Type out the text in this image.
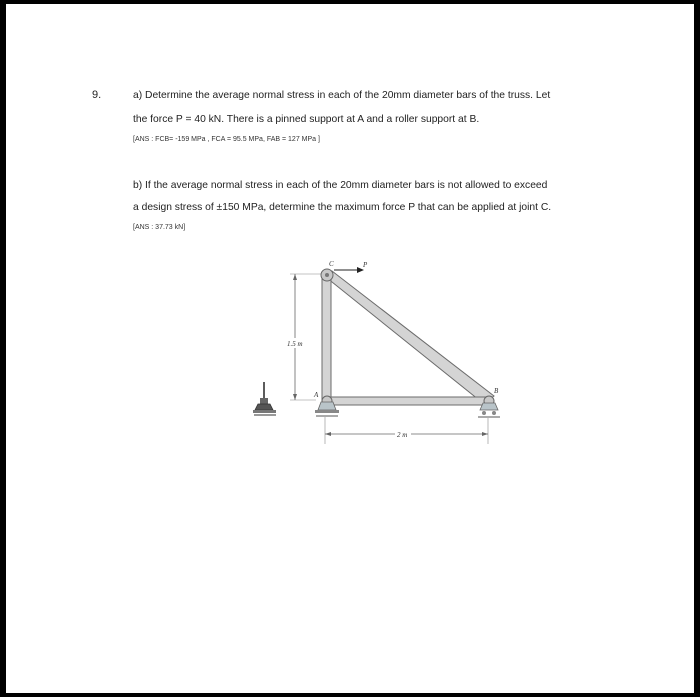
9.	a) Determine the average normal stress in each of the 20mm diameter bars of the truss. Let
the force P = 40 kN. There is a pinned support at A and a roller support at B.
[ANS : FCB= -159 MPa , FCA = 95.5 MPa, FAB = 127 MPa ]
b) If the average normal stress in each of the 20mm diameter bars is not allowed to exceed
a design stress of ±150 MPa, determine the maximum force P that can be applied at joint C.
[ANS : 37.73 kN]
1.5 m
2 m
C	P
A	B
